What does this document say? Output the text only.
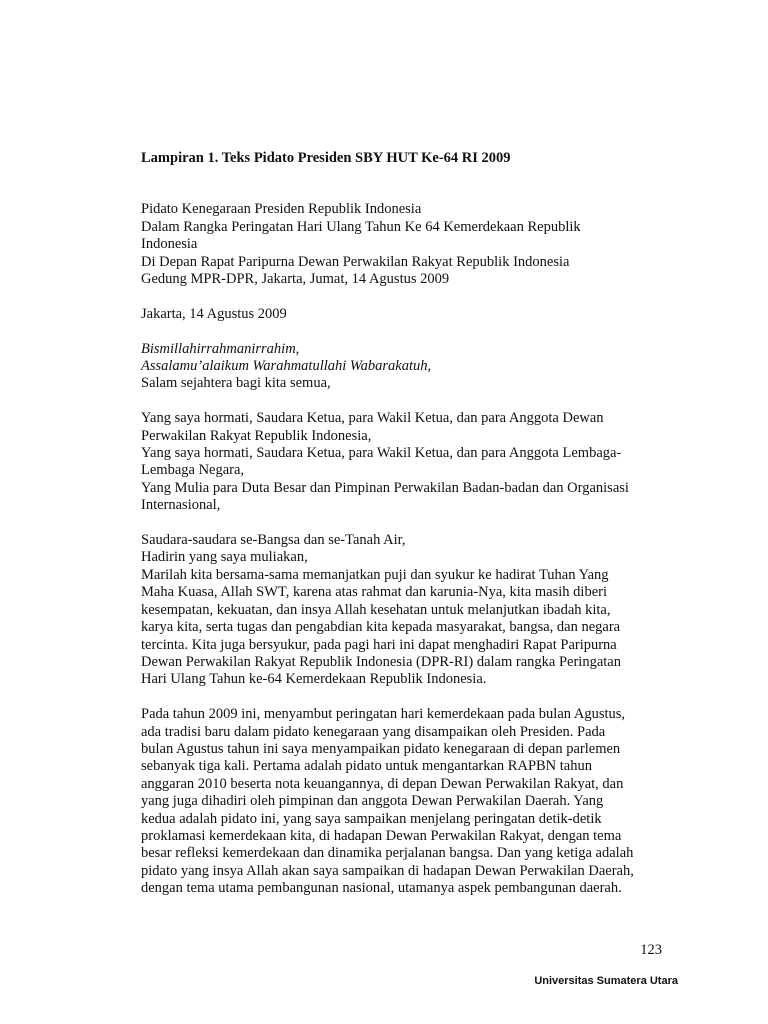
Lampiran 1. Teks Pidato Presiden SBY HUT Ke-64 RI 2009
Pidato Kenegaraan Presiden Republik Indonesia
Dalam Rangka Peringatan Hari Ulang Tahun Ke 64 Kemerdekaan Republik
Indonesia
Di Depan Rapat Paripurna Dewan Perwakilan Rakyat Republik Indonesia
Gedung MPR-DPR, Jakarta, Jumat, 14 Agustus 2009
Jakarta, 14 Agustus 2009
Bismillahirrahmanirrahim,
Assalamu’alaikum Warahmatullahi Wabarakatuh,
Salam sejahtera bagi kita semua,
Yang saya hormati, Saudara Ketua, para Wakil Ketua, dan para Anggota Dewan
Perwakilan Rakyat Republik Indonesia,
Yang saya hormati, Saudara Ketua, para Wakil Ketua, dan para Anggota Lembaga-
Lembaga Negara,
Yang Mulia para Duta Besar dan Pimpinan Perwakilan Badan-badan dan Organisasi
Internasional,
Saudara-saudara se-Bangsa dan se-Tanah Air,
Hadirin yang saya muliakan,
Marilah kita bersama-sama memanjatkan puji dan syukur ke hadirat Tuhan Yang
Maha Kuasa, Allah SWT, karena atas rahmat dan karunia-Nya, kita masih diberi
kesempatan, kekuatan, dan insya Allah kesehatan untuk melanjutkan ibadah kita,
karya kita, serta tugas dan pengabdian kita kepada masyarakat, bangsa, dan negara
tercinta. Kita juga bersyukur, pada pagi hari ini dapat menghadiri Rapat Paripurna
Dewan Perwakilan Rakyat Republik Indonesia (DPR-RI) dalam rangka Peringatan
Hari Ulang Tahun ke-64 Kemerdekaan Republik Indonesia.
Pada tahun 2009 ini, menyambut peringatan hari kemerdekaan pada bulan Agustus,
ada tradisi baru dalam pidato kenegaraan yang disampaikan oleh Presiden. Pada
bulan Agustus tahun ini saya menyampaikan pidato kenegaraan di depan parlemen
sebanyak tiga kali. Pertama adalah pidato untuk mengantarkan RAPBN tahun
anggaran 2010 beserta nota keuangannya, di depan Dewan Perwakilan Rakyat, dan
yang juga dihadiri oleh pimpinan dan anggota Dewan Perwakilan Daerah. Yang
kedua adalah pidato ini, yang saya sampaikan menjelang peringatan detik-detik
proklamasi kemerdekaan kita, di hadapan Dewan Perwakilan Rakyat, dengan tema
besar refleksi kemerdekaan dan dinamika perjalanan bangsa. Dan yang ketiga adalah
pidato yang insya Allah akan saya sampaikan di hadapan Dewan Perwakilan Daerah,
dengan tema utama pembangunan nasional, utamanya aspek pembangunan daerah.
123
Universitas Sumatera Utara
